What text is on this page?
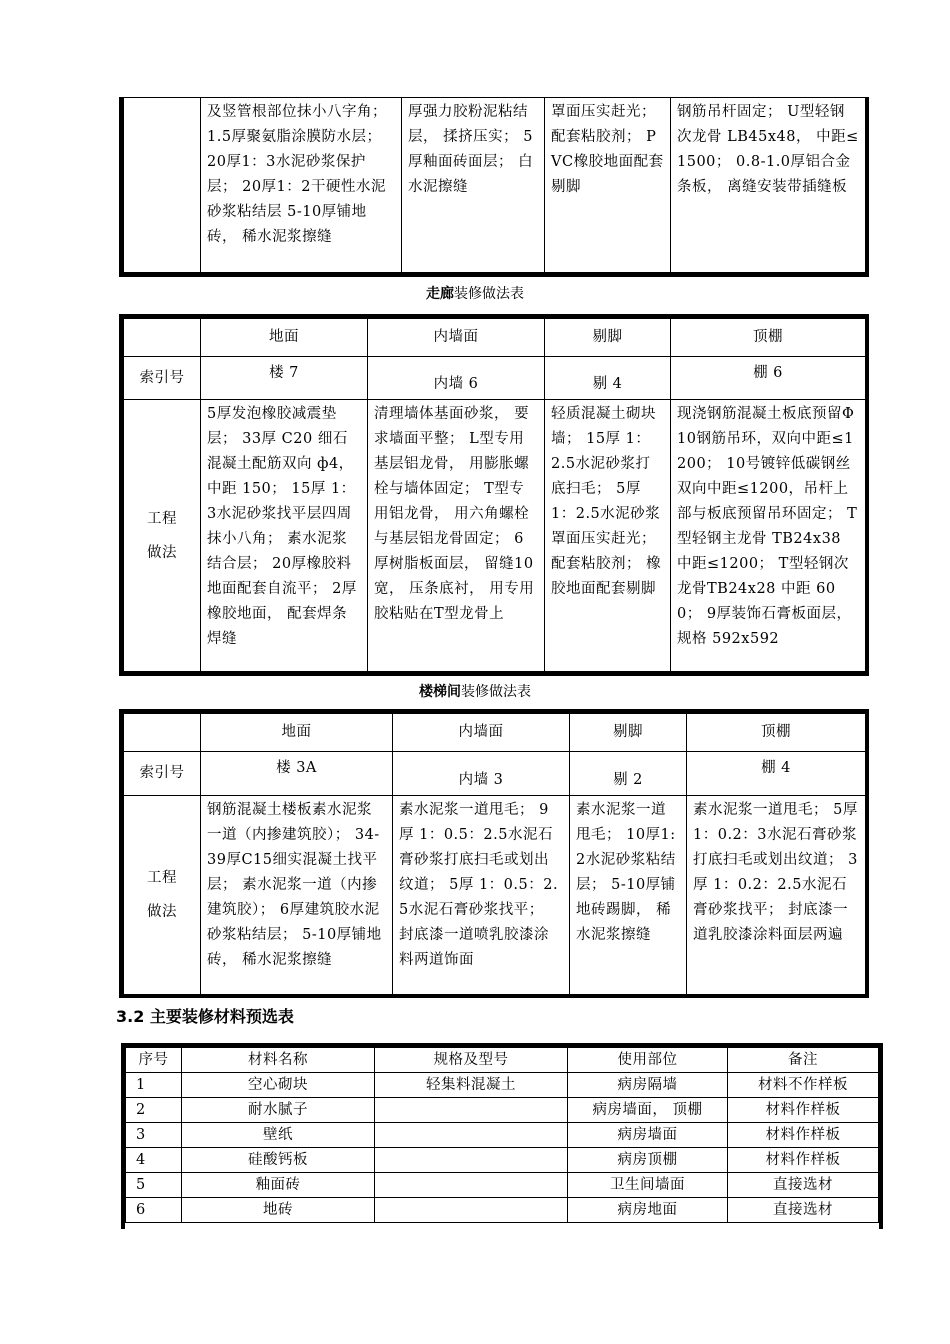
	及竖管根部位抹小八字角； 1.5厚聚氨脂涂膜防水层； 20厚1：3水泥砂浆保护层； 20厚1：2干硬性水泥砂浆粘结层 5-10厚铺地砖， 稀水泥浆擦缝	厚强力胶粉泥粘结层， 揉挤压实； 5厚釉面砖面层； 白水泥擦缝	罩面压实赶光； 配套粘胶剂； PVC橡胶地面配套剔脚	钢筋吊杆固定； U型轻钢次龙骨 LB45x48， 中距≤1500； 0.8-1.0厚铝合金条板， 离缝安装带插缝板
走廊装修做法表
	地面	内墙面	剔脚	顶棚
索引号	楼 7	内墙 6	剔 4	棚 6

工程
做法	5厚发泡橡胶减震垫层； 33厚 C20 细石混凝土配筋双向 ф4， 中距 150； 15厚 1：3水泥砂浆找平层四周抹小八角； 素水泥浆结合层； 20厚橡胶料地面配套自流平； 2厚橡胶地面， 配套焊条焊缝	清理墙体基面砂浆， 要求墙面平整； L型专用基层铝龙骨， 用膨胀螺栓与墙体固定； T型专用铝龙骨， 用六角螺栓与基层铝龙骨固定； 6厚树脂板面层， 留缝10宽， 压条底衬， 用专用胶粘贴在T型龙骨上	轻质混凝土砌块墙； 15厚 1：2.5水泥砂浆打底扫毛； 5厚 1：2.5水泥砂浆罩面压实赶光； 配套粘胶剂； 橡胶地面配套剔脚	现浇钢筋混凝土板底预留Φ10钢筋吊环，双向中距≤1200； 10号镀锌低碳钢丝双向中距≤1200，吊杆上部与板底预留吊环固定； T型轻钢主龙骨 TB24x38 中距≤1200； T型轻钢次龙骨TB24x28 中距 600； 9厚装饰石膏板面层， 规格 592x592
楼梯间装修做法表
	地面	内墙面	剔脚	顶棚
索引号	楼 3A	内墙 3	剔 2	棚 4

工程
做法	钢筋混凝土楼板素水泥浆一道（内掺建筑胶）； 34-39厚C15细实混凝土找平层； 素水泥浆一道（内掺建筑胶）； 6厚建筑胶水泥砂浆粘结层； 5-10厚铺地砖， 稀水泥浆擦缝	素水泥浆一道甩毛； 9厚 1：0.5：2.5水泥石膏砂浆打底扫毛或划出纹道； 5厚 1：0.5：2.5水泥石膏砂浆找平； 封底漆一道喷乳胶漆涂料两道饰面	素水泥浆一道甩毛； 10厚1:2水泥砂浆粘结层； 5-10厚铺地砖踢脚， 稀水泥浆擦缝	素水泥浆一道甩毛； 5厚 1：0.2：3水泥石膏砂浆打底扫毛或划出纹道； 3厚 1：0.2：2.5水泥石膏砂浆找平； 封底漆一道乳胶漆涂料面层两遍
3.2 主要装修材料预选表
序号	材料名称	规格及型号	使用部位	备注
1	空心砌块	轻集料混凝土	病房隔墙	材料不作样板
2	耐水腻子		病房墙面， 顶棚	材料作样板
3	壁纸		病房墙面	材料作样板
4	硅酸钙板		病房顶棚	材料作样板
5	釉面砖		卫生间墙面	直接选材
6	地砖		病房地面	直接选材
